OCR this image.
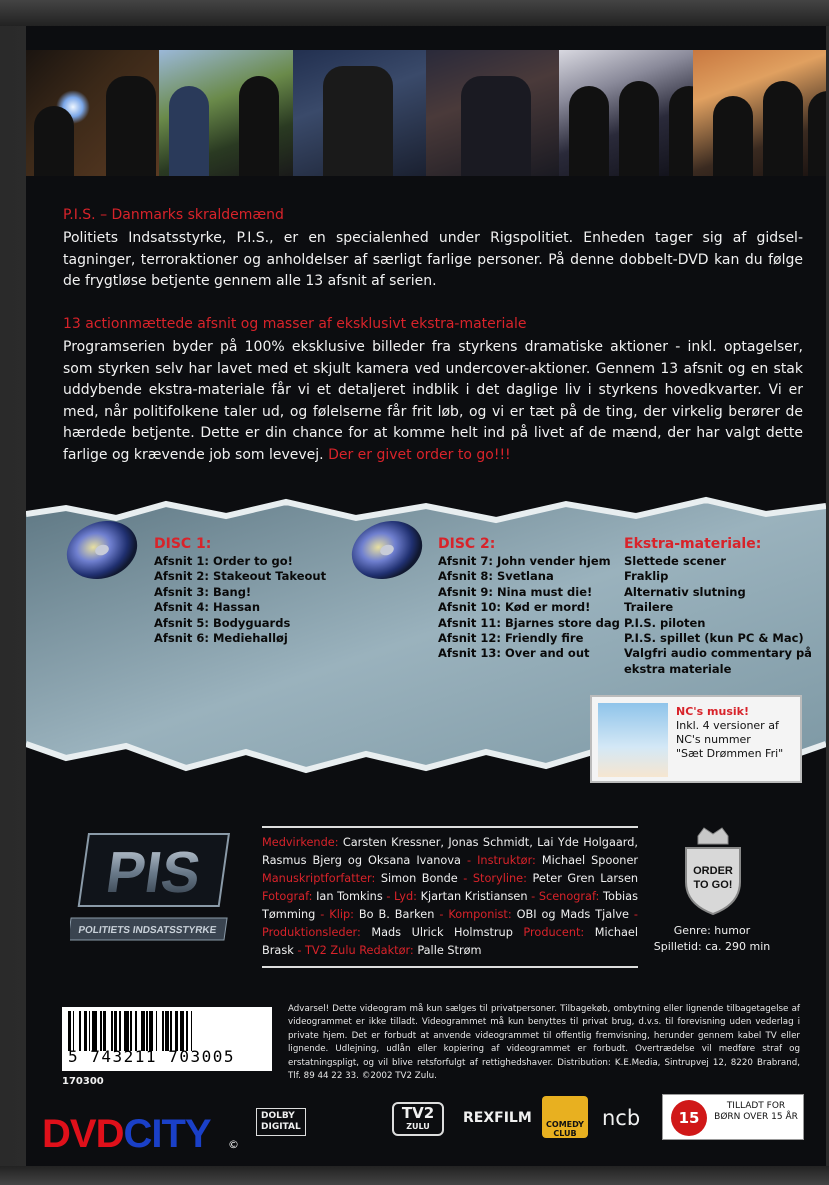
P.I.S. – Danmarks skraldemænd
Politiets Indsatsstyrke, P.I.S., er en specialenhed under Rigspolitiet. Enheden tager sig af gidsel-tagninger, terroraktioner og anholdelser af særligt farlige personer. På denne dobbelt-DVD kan du følge de frygtløse betjente gennem alle 13 afsnit af serien.
13 actionmættede afsnit og masser af eksklusivt ekstra-materiale
Programserien byder på 100% eksklusive billeder fra styrkens dramatiske aktioner - inkl. optagelser, som styrken selv har lavet med et skjult kamera ved undercover-aktioner. Gennem 13 afsnit og en stak uddybende ekstra-materiale får vi et detaljeret indblik i det daglige liv i styrkens hovedkvarter. Vi er med, når politifolkene taler ud, og følelserne får frit løb, og vi er tæt på de ting, der virkelig berører de hærdede betjente. Dette er din chance for at komme helt ind på livet af de mænd, der har valgt dette farlige og krævende job som levevej. Der er givet order to go!!!
DISC 1:
Afsnit 1: Order to go!
Afsnit 2: Stakeout Takeout
Afsnit 3: Bang!
Afsnit 4: Hassan
Afsnit 5: Bodyguards
Afsnit 6: Mediehalløj
DISC 2:
Afsnit 7: John vender hjem
Afsnit 8: Svetlana
Afsnit 9: Nina must die!
Afsnit 10: Kød er mord!
Afsnit 11: Bjarnes store dag
Afsnit 12: Friendly fire
Afsnit 13: Over and out
Ekstra-materiale:
Slettede scener
Fraklip
Alternativ slutning
Trailere
P.I.S. piloten
P.I.S. spillet (kun PC & Mac)
Valgfri audio commentary på
ekstra materiale
NC's musik!
Inkl. 4 versioner af
NC's nummer
"Sæt Drømmen Fri"
PIS
POLITIETS INDSATSSTYRKE
Medvirkende: Carsten Kressner, Jonas Schmidt, Lai Yde Holgaard, Rasmus Bjerg og Oksana Ivanova - Instruktør: Michael Spooner Manuskriptforfatter: Simon Bonde - Storyline: Peter Gren Larsen Fotograf: Ian Tomkins - Lyd: Kjartan Kristiansen - Scenograf: Tobias Tømming - Klip: Bo B. Barken - Komponist: OBI og Mads Tjalve - Produktionsleder: Mads Ulrick Holmstrup Producent: Michael Brask - TV2 Zulu Redaktør: Palle Strøm
ORDER
TO GO!
Genre: humor
Spilletid: ca. 290 min
5 743211 703005
170300
Advarsel! Dette videogram må kun sælges til privatpersoner. Tilbagekøb, ombytning eller lignende tilbagetagelse af videogrammet er ikke tilladt. Videogrammet må kun benyttes til privat brug, d.v.s. til forevisning uden vederlag i private hjem. Det er forbudt at anvende videogrammet til offentlig fremvisning, herunder gennem kabel TV eller lignende. Udlejning, udlån eller kopiering af videogrammet er forbudt. Overtrædelse vil medføre straf og erstatningspligt, og vil blive retsforfulgt af rettighedshaver. Distribution: K.E.Media, Sintrupvej 12, 8220 Brabrand, Tlf. 89 44 22 33. ©2002 TV2 Zulu.
DVDCITY ©
DOLBY
DIGITAL
TV2
ZULU
REXFILM	COMEDY CLUB
ncb	15
TILLADT FOR BØRN OVER 15 ÅR
